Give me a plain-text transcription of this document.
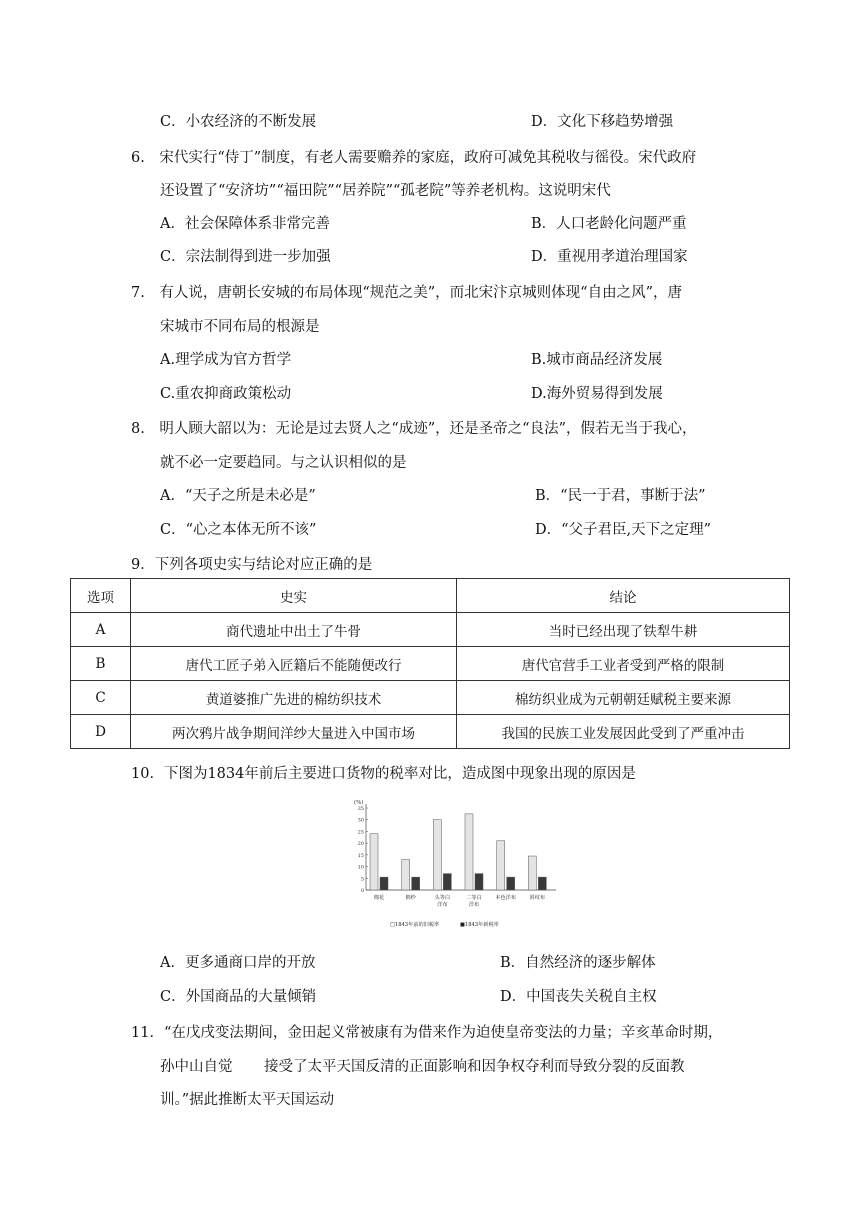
C．小农经济的不断发展	D．文化下移趋势增强
6.　宋代实行“侍丁”制度，有老人需要赡养的家庭，政府可减免其税收与徭役。宋代政府
还设置了“安济坊”“福田院”“居养院”“孤老院”等养老机构。这说明宋代
A．社会保障体系非常完善	B．人口老龄化问题严重
C．宗法制得到进一步加强	D．重视用孝道治理国家
7.　有人说，唐朝长安城的布局体现“规范之美”，而北宋汴京城则体现“自由之风”，唐
宋城市不同布局的根源是
A.理学成为官方哲学	B.城市商品经济发展
C.重农抑商政策松动	D.海外贸易得到发展
8.　明人顾大韶以为：无论是过去贤人之“成迹”，还是圣帝之“良法”，假若无当于我心，
就不必一定要趋同。与之认识相似的是
A．“天子之所是未必是”	B．“民一于君，事断于法”
C．“心之本体无所不该”	D．“父子君臣,天下之定理”
9．下列各项史实与结论对应正确的是
选项	史实	结论
A	商代遗址中出土了牛骨	当时已经出现了铁犁牛耕
B	唐代工匠子弟入匠籍后不能随便改行	唐代官营手工业者受到严格的限制
C	黄道婆推广先进的棉纺织技术	棉纺织业成为元朝朝廷赋税主要来源
D	两次鸦片战争期间洋纱大量进入中国市场	我国的民族工业发展因此受到了严重冲击
10．下图为1834年前后主要进口货物的税率对比，造成图中现象出现的原因是
(%)
0
5
10
15
20
25
30
35
棉花	棉纱	头等白
洋布
二等白
洋布
本色洋布	斜纹布
□1843年前的旧税率	■1843年新税率
A．更多通商口岸的开放	B．自然经济的逐步解体
C．外国商品的大量倾销	D．中国丧失关税自主权
11．“在戊戌变法期间，金田起义常被康有为借来作为迫使皇帝变法的力量；辛亥革命时期，
孙中山自觉 接受了太平天国反清的正面影响和因争权夺利而导致分裂的反面教
训。”据此推断太平天国运动
